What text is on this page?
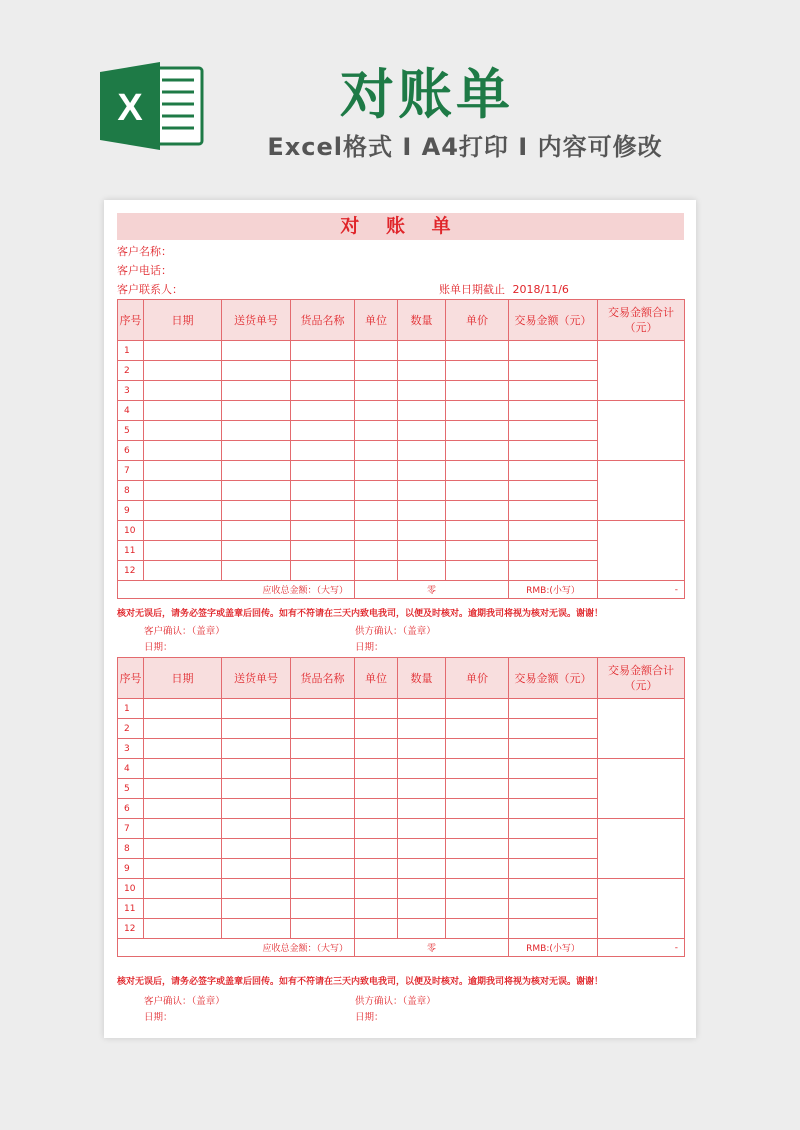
X	对账单
Excel格式 I A4打印 I 内容可修改
对 账 单
客户名称：
客户电话：
客户联系人：	账单日期截止 2018/11/6
序号	日期	送货单号	货品名称	单位	数量	单价	交易金额（元）	交易金额合计（元）	
1									
2									
3									
4									
5									
6									
7									
8									
9									
10									
11									
12									
应收总金额：（大写）				零			RMB:(小写）	-	
核对无误后，请务必签字或盖章后回传。如有不符请在三天内致电我司，以便及时核对。逾期我司将视为核对无误。谢谢！
客户确认：（盖章）	供方确认：（盖章）
日期：	日期：
序号	日期	送货单号	货品名称	单位	数量	单价	交易金额（元）	交易金额合计（元）	
1									
2									
3									
4									
5									
6									
7									
8									
9									
10									
11									
12									
应收总金额：（大写）				零			RMB:(小写）	-	
核对无误后，请务必签字或盖章后回传。如有不符请在三天内致电我司，以便及时核对。逾期我司将视为核对无误。谢谢！
客户确认：（盖章）	供方确认：（盖章）
日期：	日期：
